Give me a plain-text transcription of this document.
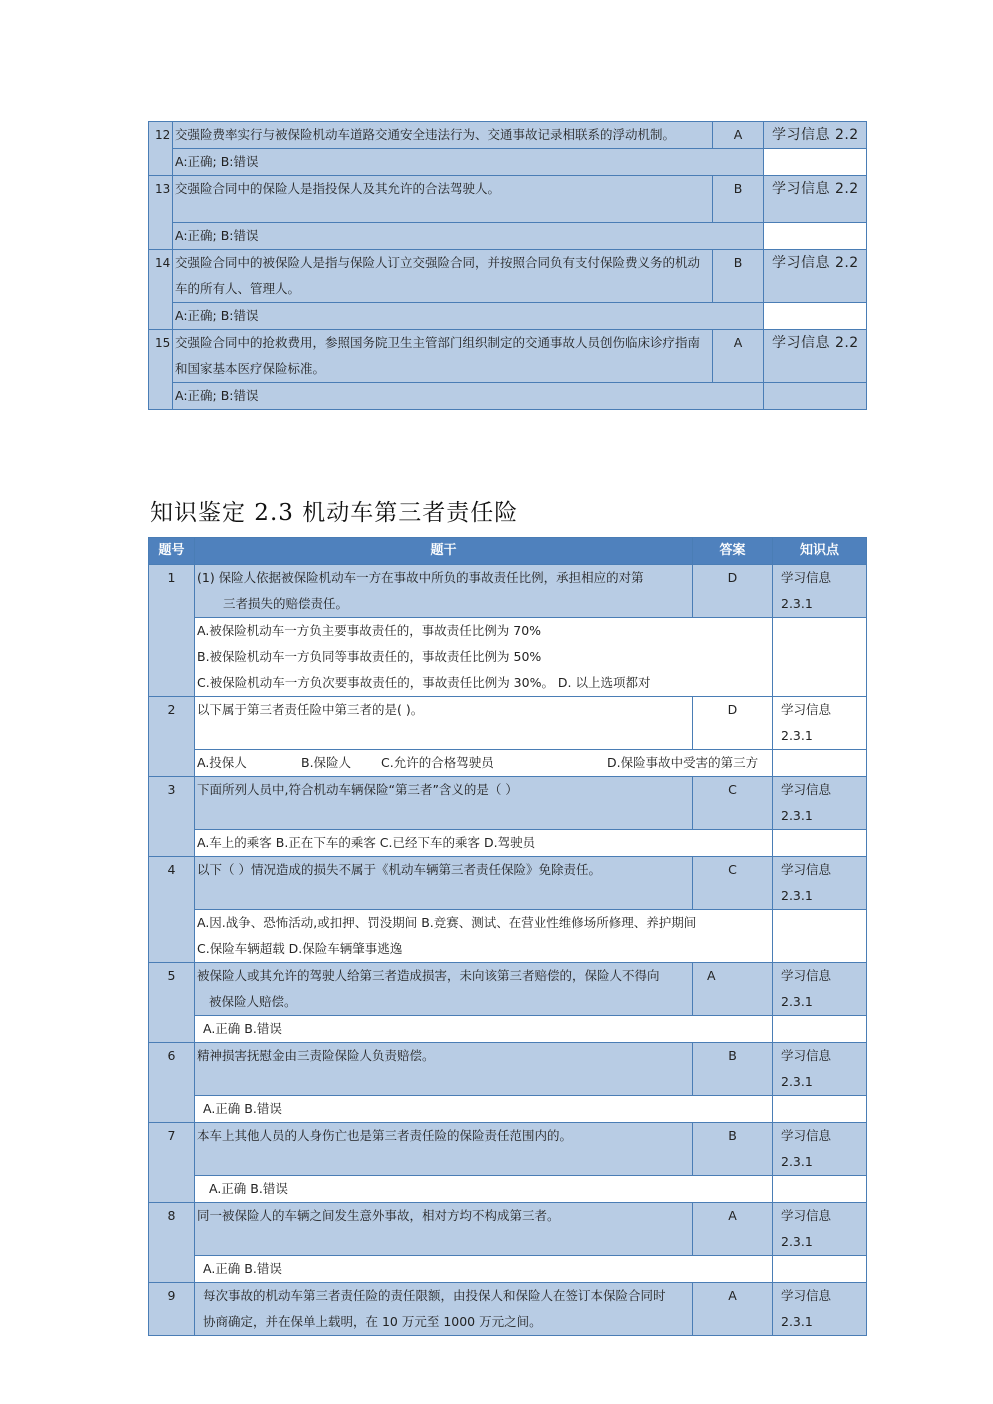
12	交强险费率实行与被保险机动车道路交通安全违法行为、交通事故记录相联系的浮动机制。	A	学习信息 2.2
	A:正确; B:错误		
13	交强险合同中的保险人是指投保人及其允许的合法驾驶人。	B	学习信息 2.2
	A:正确; B:错误		
14	交强险合同中的被保险人是指与保险人订立交强险合同，并按照合同负有支付保险费义务的机动车的所有人、管理人。	B	学习信息 2.2
	A:正确; B:错误		
15	交强险合同中的抢救费用，参照国务院卫生主管部门组织制定的交通事故人员创伤临床诊疗指南和国家基本医疗保险标准。	A	学习信息 2.2
	A:正确; B:错误		
知识鉴定 2.3 机动车第三者责任险
题号	题干	答案	知识点
1	(1) 保险人依据被保险机动车一方在事故中所负的事故责任比例，承担相应的对第
三者损失的赔偿责任。	D	学习信息 2.3.1

	A.被保险机动车一方负主要事故责任的，事故责任比例为 70%
B.被保险机动车一方负同等事故责任的，事故责任比例为 50%
C.被保险机动车一方负次要事故责任的，事故责任比例为 30%。 D. 以上选项都对		

2	以下属于第三者责任险中第三者的是( )。	D	学习信息 2.3.1
	A.投保人 B.保险人 C.允许的合格驾驶员 D.保险事故中受害的第三方		
3	下面所列人员中,符合机动车辆保险“第三者”含义的是（ ）	C	学习信息 2.3.1
	A.车上的乘客 B.正在下车的乘客 C.已经下车的乘客 D.驾驶员		
4	以下（ ）情况造成的损失不属于《机动车辆第三者责任保险》免除责任。	C	学习信息 2.3.1

	A.因.战争、恐怖活动,或扣押、罚没期间 B.竞赛、测试、在营业性维修场所修理、养护期间
C.保险车辆超载 D.保险车辆肇事逃逸		

5	被保险人或其允许的驾驶人给第三者造成损害，未向该第三者赔偿的，保险人不得向
被保险人赔偿。	A	学习信息 2.3.1
	A.正确 B.错误		
6	精神损害抚慰金由三责险保险人负责赔偿。	B	学习信息 2.3.1
	A.正确 B.错误		
7	本车上其他人员的人身伤亡也是第三者责任险的保险责任范围内的。	B	学习信息 2.3.1
	A.正确 B.错误		
8	同一被保险人的车辆之间发生意外事故，相对方均不构成第三者。	A	学习信息 2.3.1
	A.正确 B.错误		
9	每次事故的机动车第三者责任险的责任限额，由投保人和保险人在签订本保险合同时
协商确定，并在保单上载明，在 10 万元至 1000 万元之间。	A	学习信息 2.3.1
